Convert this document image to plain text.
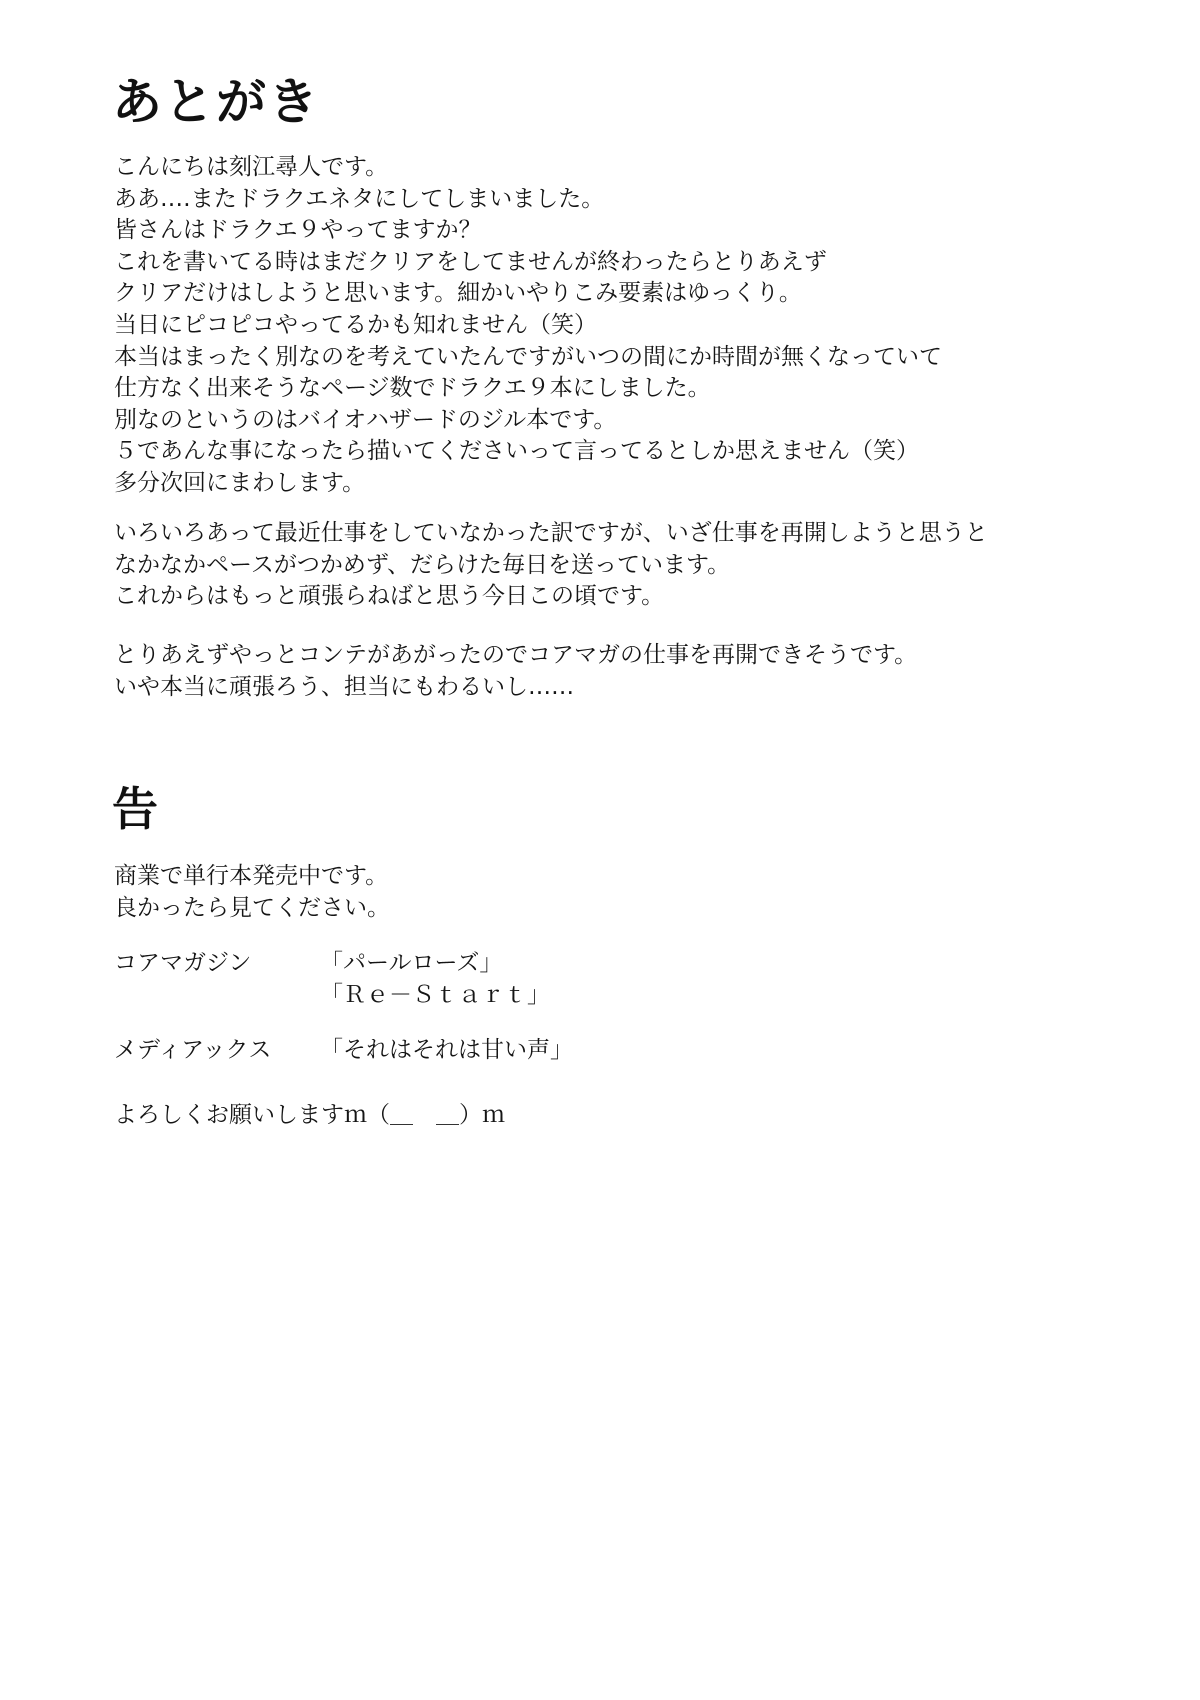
あとがき
こんにちは刻江尋人です。
ああ‥‥またドラクエネタにしてしまいました。
皆さんはドラクエ９やってますか？
これを書いてる時はまだクリアをしてませんが終わったらとりあえず
クリアだけはしようと思います。細かいやりこみ要素はゆっくり。
当日にピコピコやってるかも知れません（笑）
本当はまったく別なのを考えていたんですがいつの間にか時間が無くなっていて
仕方なく出来そうなページ数でドラクエ９本にしました。
別なのというのはバイオハザードのジル本です。
５であんな事になったら描いてくださいって言ってるとしか思えません（笑）
多分次回にまわします。
いろいろあって最近仕事をしていなかった訳ですが、いざ仕事を再開しようと思うと
なかなかペースがつかめず、だらけた毎日を送っています。
これからはもっと頑張らねばと思う今日この頃です。
とりあえずやっとコンテがあがったのでコアマガの仕事を再開できそうです。
いや本当に頑張ろう、担当にもわるいし‥‥‥
告
商業で単行本発売中です。
良かったら見てください。
コアマガジン	「パールローズ」
「Ｒｅ－Ｓｔａｒｔ」
メディアックス 「それはそれは甘い声」
よろしくお願いしますｍ（＿　＿）ｍ
